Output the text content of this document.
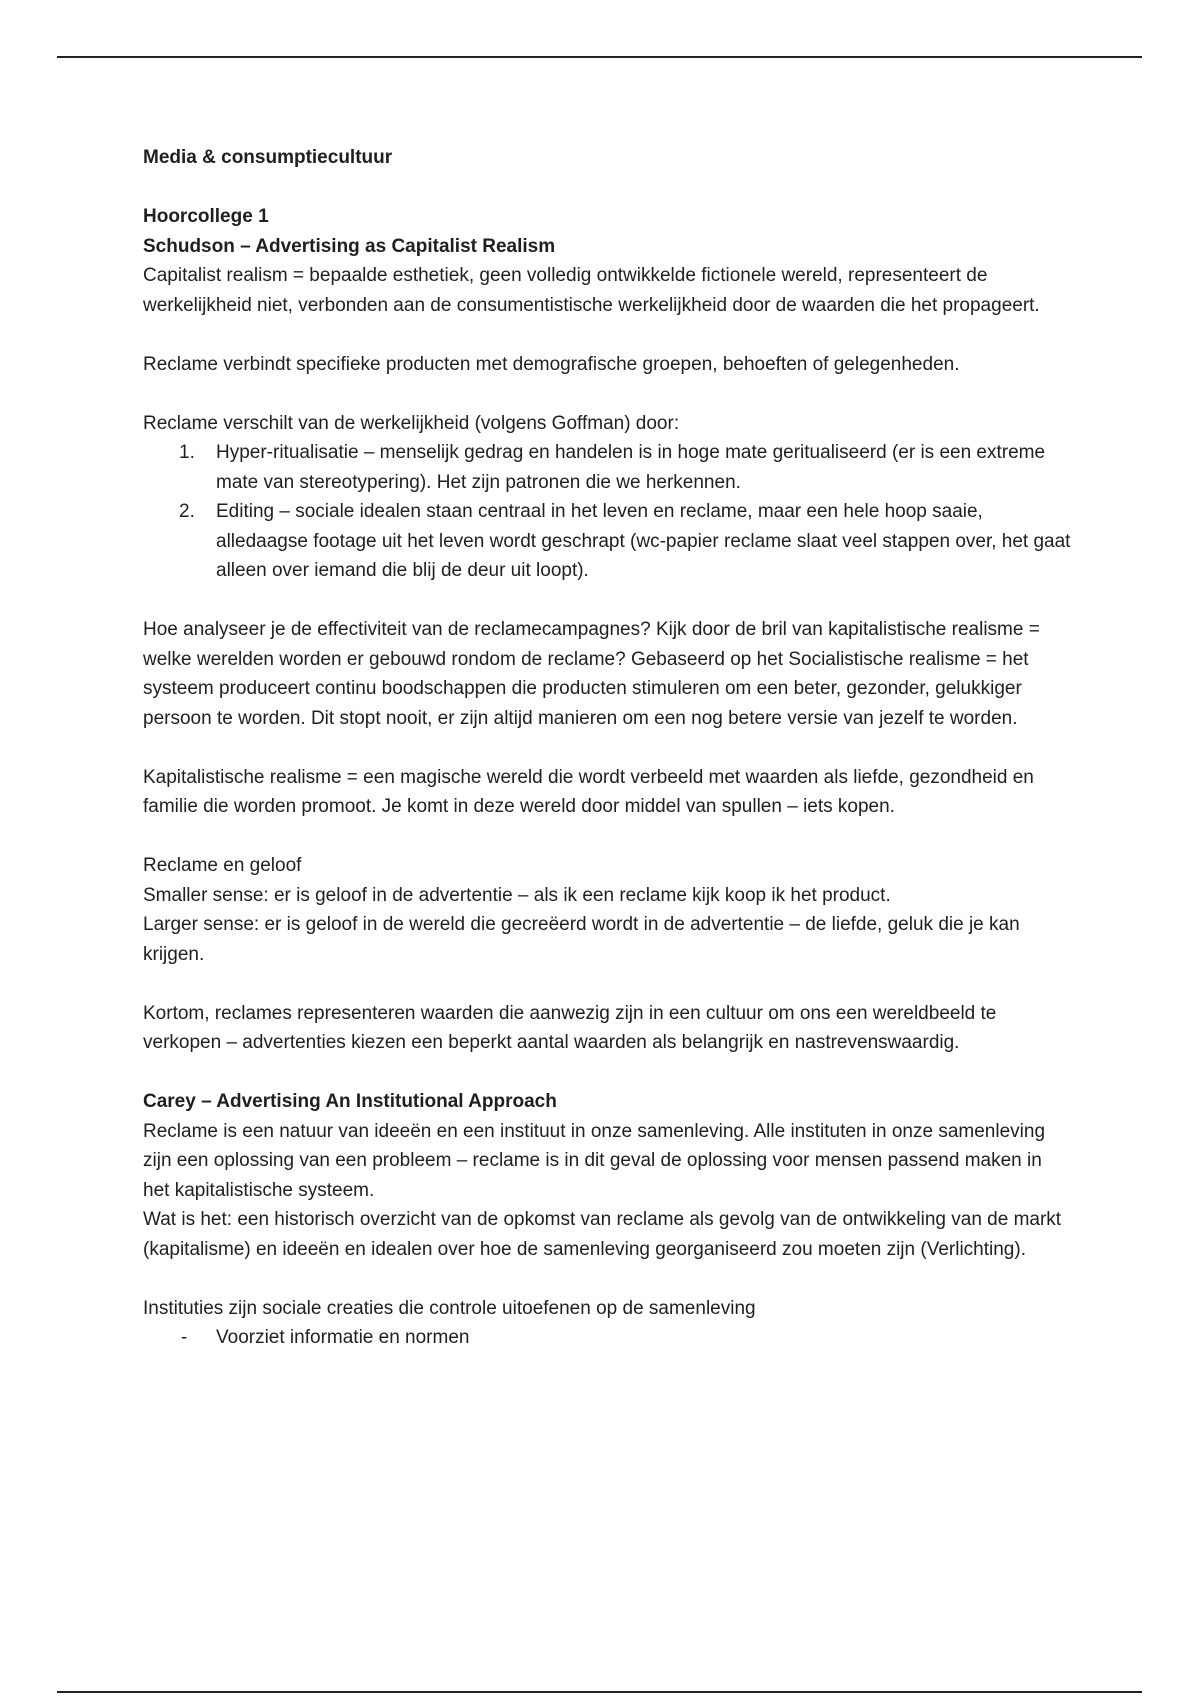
Media & consumptiecultuur

Hoorcollege 1

Schudson – Advertising as Capitalist Realism

Capitalist realism = bepaalde esthetiek, geen volledig ontwikkelde fictionele wereld, representeert de werkelijkheid niet, verbonden aan de consumentistische werkelijkheid door de waarden die het propageert.

Reclame verbindt specifieke producten met demografische groepen, behoeften of gelegenheden.

Reclame verschilt van de werkelijkheid (volgens Goffman) door:

1. Hyper-ritualisatie – menselijk gedrag en handelen is in hoge mate geritualiseerd (er is een extreme mate van stereotypering). Het zijn patronen die we herkennen.
2. Editing – sociale idealen staan centraal in het leven en reclame, maar een hele hoop saaie, alledaagse footage uit het leven wordt geschrapt (wc-papier reclame slaat veel stappen over, het gaat alleen over iemand die blij de deur uit loopt).

Hoe analyseer je de effectiviteit van de reclamecampagnes? Kijk door de bril van kapitalistische realisme = welke werelden worden er gebouwd rondom de reclame? Gebaseerd op het Socialistische realisme = het systeem produceert continu boodschappen die producten stimuleren om een beter, gezonder, gelukkiger persoon te worden. Dit stopt nooit, er zijn altijd manieren om een nog betere versie van jezelf te worden.

Kapitalistische realisme = een magische wereld die wordt verbeeld met waarden als liefde, gezondheid en familie die worden promoot. Je komt in deze wereld door middel van spullen – iets kopen.

Reclame en geloof

Smaller sense: er is geloof in de advertentie – als ik een reclame kijk koop ik het product.

Larger sense: er is geloof in de wereld die gecreëerd wordt in de advertentie – de liefde, geluk die je kan krijgen.

Kortom, reclames representeren waarden die aanwezig zijn in een cultuur om ons een wereldbeeld te verkopen – advertenties kiezen een beperkt aantal waarden als belangrijk en nastrevenswaardig.

Carey – Advertising An Institutional Approach

Reclame is een natuur van ideeën en een instituut in onze samenleving. Alle instituten in onze samenleving zijn een oplossing van een probleem – reclame is in dit geval de oplossing voor mensen passend maken in het kapitalistische systeem.

Wat is het: een historisch overzicht van de opkomst van reclame als gevolg van de ontwikkeling van de markt (kapitalisme) en ideeën en idealen over hoe de samenleving georganiseerd zou moeten zijn (Verlichting).

Instituties zijn sociale creaties die controle uitoefenen op de samenleving

- Voorziet informatie en normen
